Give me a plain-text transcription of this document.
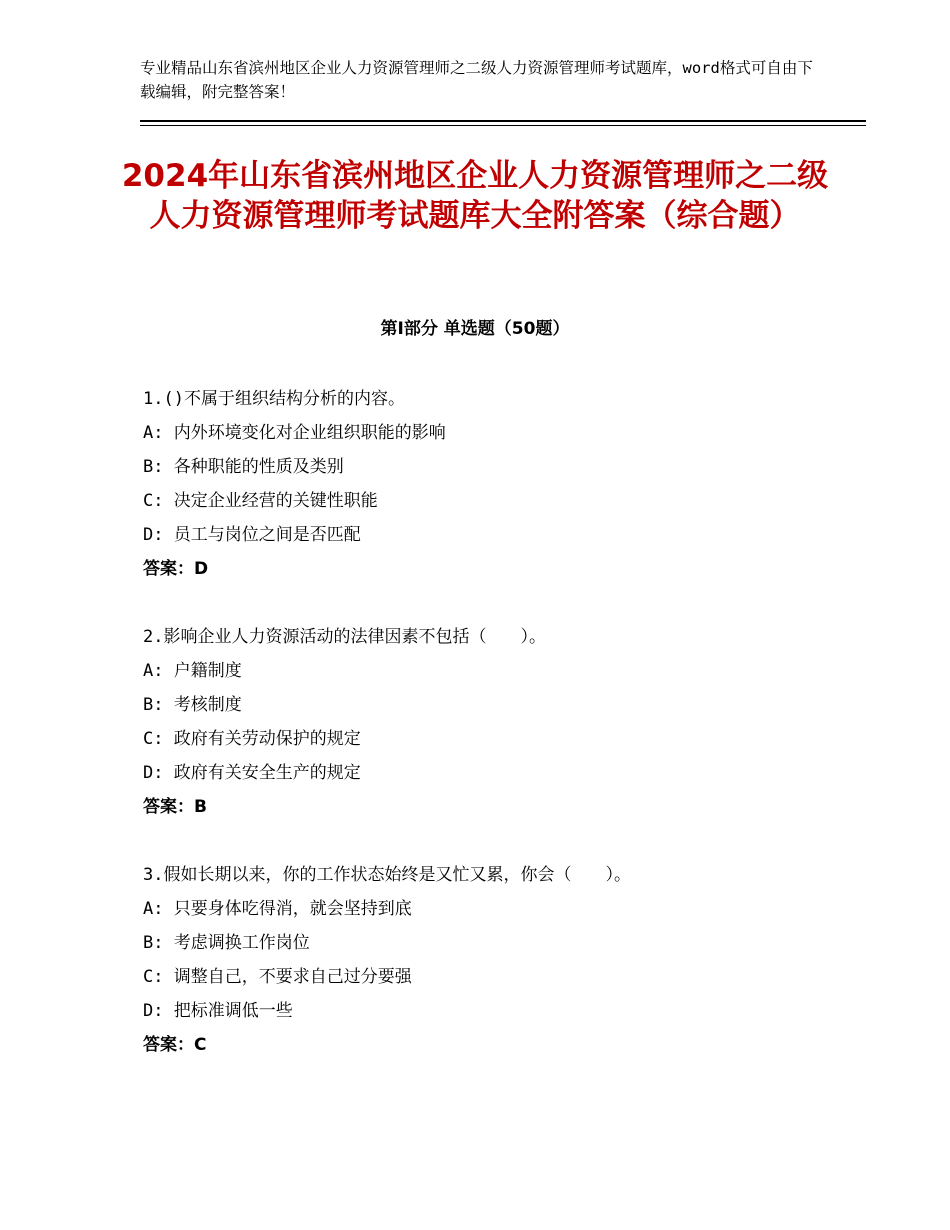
专业精品山东省滨州地区企业人力资源管理师之二级人力资源管理师考试题库，word格式可自由下载编辑，附完整答案！
2024年山东省滨州地区企业人力资源管理师之二级人力资源管理师考试题库大全附答案（综合题）
第Ⅰ部分 单选题（50题）
1.()不属于组织结构分析的内容。
A: 内外环境变化对企业组织职能的影响
B: 各种职能的性质及类别
C: 决定企业经营的关键性职能
D: 员工与岗位之间是否匹配
答案：D
2.影响企业人力资源活动的法律因素不包括（　　）。
A: 户籍制度
B: 考核制度
C: 政府有关劳动保护的规定
D: 政府有关安全生产的规定
答案：B
3.假如长期以来，你的工作状态始终是又忙又累，你会（　　）。
A: 只要身体吃得消，就会坚持到底
B: 考虑调换工作岗位
C: 调整自己，不要求自己过分要强
D: 把标准调低一些
答案：C
